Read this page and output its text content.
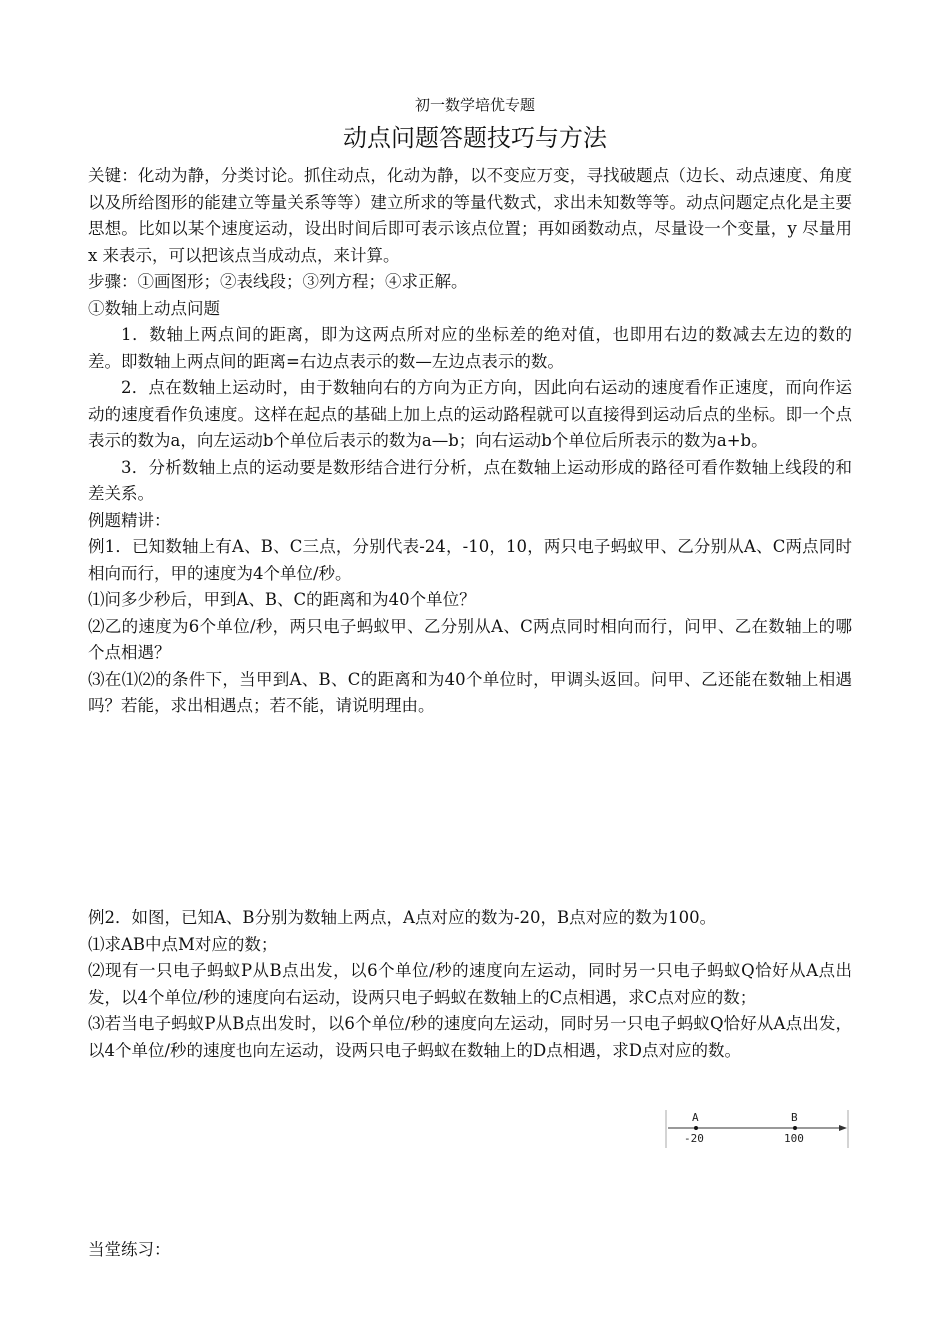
初一数学培优专题
动点问题答题技巧与方法

关键：化动为静，分类讨论。抓住动点，化动为静，以不变应万变，寻找破题点（边长、动点速度、角度以及所给图形的能建立等量关系等等）建立所求的等量代数式，求出未知数等等。动点问题定点化是主要思想。比如以某个速度运动，设出时间后即可表示该点位置；再如函数动点，尽量设一个变量，y 尽量用 x 来表示，可以把该点当成动点，来计算。

步骤：①画图形；②表线段；③列方程；④求正解。

①数轴上动点问题

1．数轴上两点间的距离，即为这两点所对应的坐标差的绝对值，也即用右边的数减去左边的数的差。即数轴上两点间的距离=右边点表示的数—左边点表示的数。

2．点在数轴上运动时，由于数轴向右的方向为正方向，因此向右运动的速度看作正速度，而向作运动的速度看作负速度。这样在起点的基础上加上点的运动路程就可以直接得到运动后点的坐标。即一个点表示的数为a，向左运动b个单位后表示的数为a—b；向右运动b个单位后所表示的数为a+b。

3．分析数轴上点的运动要是数形结合进行分析，点在数轴上运动形成的路径可看作数轴上线段的和差关系。

例题精讲：

例1．已知数轴上有A、B、C三点，分别代表-24，-10，10，两只电子蚂蚁甲、乙分别从A、C两点同时相向而行，甲的速度为4个单位/秒。

⑴问多少秒后，甲到A、B、C的距离和为40个单位？

⑵乙的速度为6个单位/秒，两只电子蚂蚁甲、乙分别从A、C两点同时相向而行，问甲、乙在数轴上的哪个点相遇？

⑶在⑴⑵的条件下，当甲到A、B、C的距离和为40个单位时，甲调头返回。问甲、乙还能在数轴上相遇吗？若能，求出相遇点；若不能，请说明理由。

例2．如图，已知A、B分别为数轴上两点，A点对应的数为-20，B点对应的数为100。

⑴求AB中点M对应的数；

⑵现有一只电子蚂蚁P从B点出发，以6个单位/秒的速度向左运动，同时另一只电子蚂蚁Q恰好从A点出发，以4个单位/秒的速度向右运动，设两只电子蚂蚁在数轴上的C点相遇，求C点对应的数；

⑶若当电子蚂蚁P从B点出发时，以6个单位/秒的速度向左运动，同时另一只电子蚂蚁Q恰好从A点出发，以4个单位/秒的速度也向左运动，设两只电子蚂蚁在数轴上的D点相遇，求D点对应的数。

A	B
-20	100

当堂练习：
